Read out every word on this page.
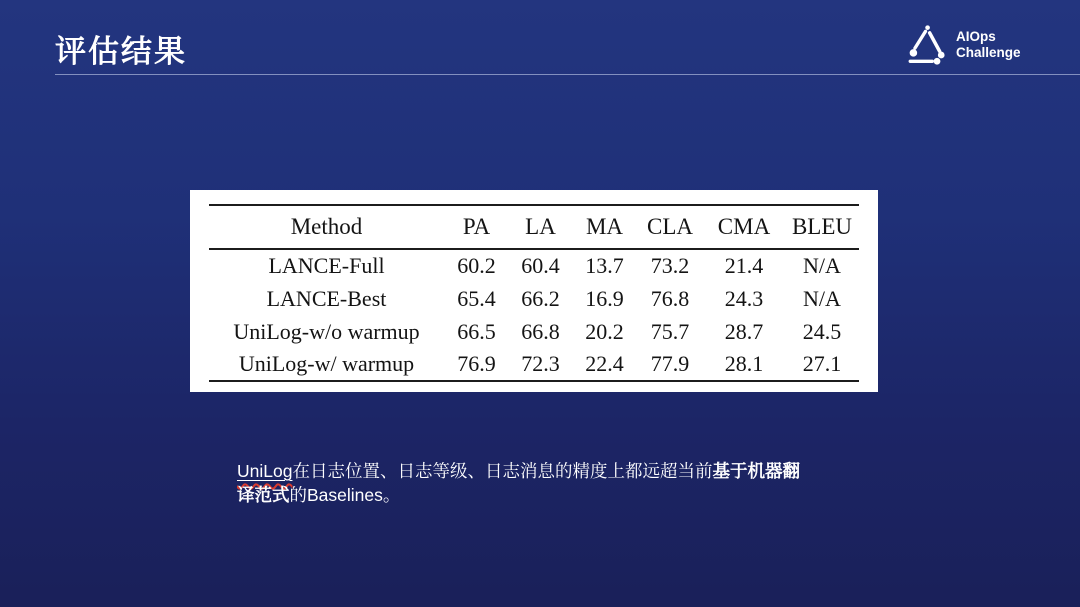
评估结果	AIOps
Challenge
Method	PA	LA	MA	CLA	CMA	BLEU
LANCE-Full	60.2	60.4	13.7	73.2	21.4	N/A
LANCE-Best	65.4	66.2	16.9	76.8	24.3	N/A
UniLog-w/o warmup	66.5	66.8	20.2	75.7	28.7	24.5
UniLog-w/ warmup	76.9	72.3	22.4	77.9	28.1	27.1
UniLog在日志位置、日志等级、日志消息的精度上都远超当前基于机器翻
译范式的Baselines。
